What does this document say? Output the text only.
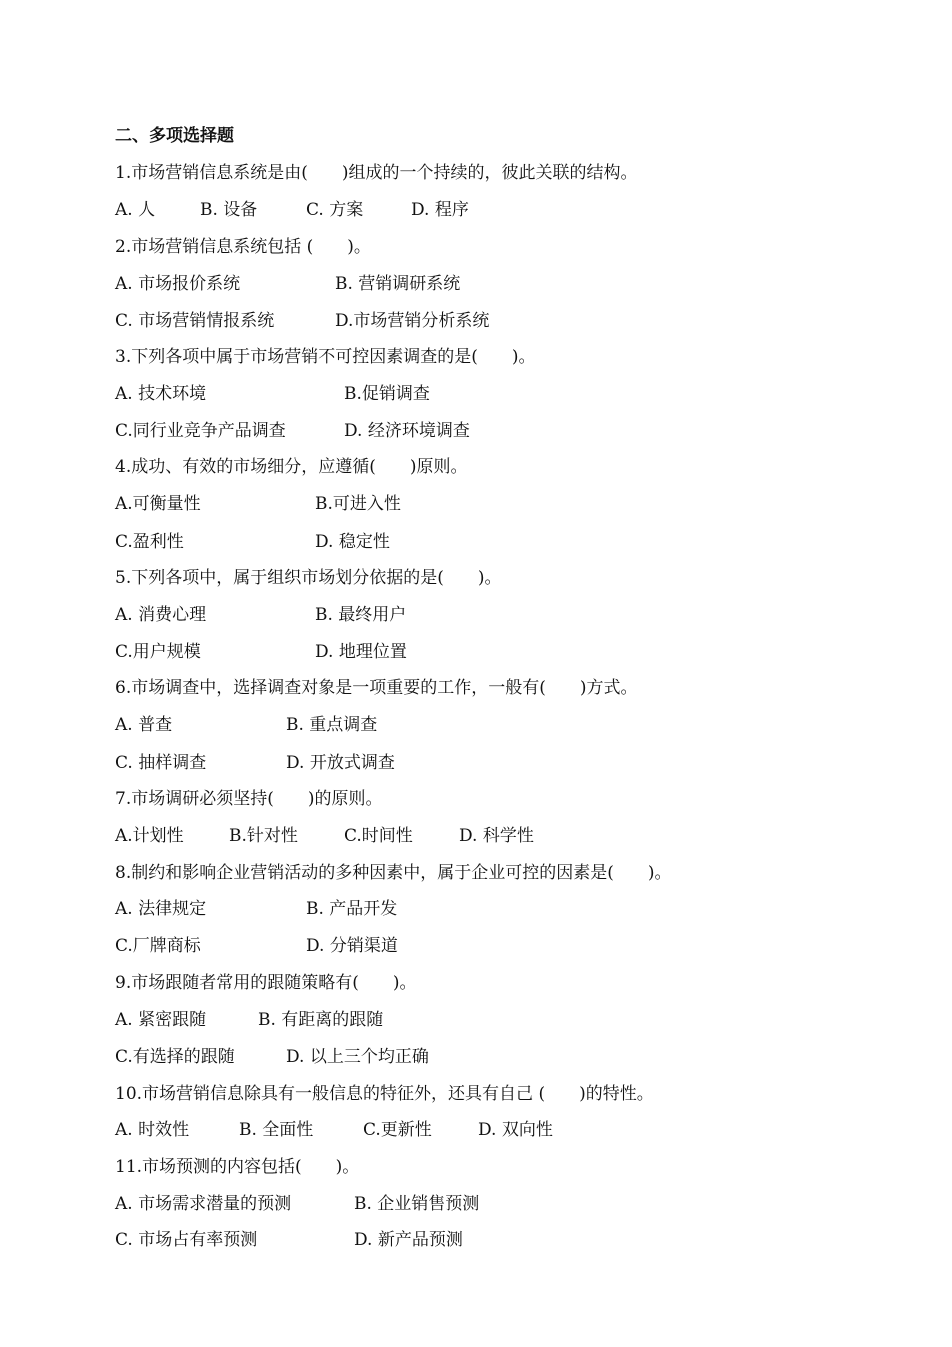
二、多项选择题
1.市场营销信息系统是由(　　)组成的一个持续的，彼此关联的结构。
A. 人	B. 设备	C. 方案	D. 程序
2.市场营销信息系统包括 (　　)。
A. 市场报价系统	B. 营销调研系统
C. 市场营销情报系统	D.市场营销分析系统
3.下列各项中属于市场营销不可控因素调查的是(　　)。
A. 技术环境	B.促销调查
C.同行业竞争产品调查	D. 经济环境调查
4.成功、有效的市场细分，应遵循(　　)原则。
A.可衡量性	B.可进入性
C.盈利性	D. 稳定性
5.下列各项中，属于组织市场划分依据的是(　　)。
A. 消费心理	B. 最终用户
C.用户规模	D. 地理位置
6.市场调查中，选择调查对象是一项重要的工作，一般有(　　)方式。
A. 普查	B. 重点调查
C. 抽样调查	D. 开放式调查
7.市场调研必须坚持(　　)的原则。
A.计划性	B.针对性	C.时间性	D. 科学性
8.制约和影响企业营销活动的多种因素中，属于企业可控的因素是(　　)。
A. 法律规定	B. 产品开发
C.厂牌商标	D. 分销渠道
9.市场跟随者常用的跟随策略有(　　)。
A. 紧密跟随	B. 有距离的跟随
C.有选择的跟随	D. 以上三个均正确
10.市场营销信息除具有一般信息的特征外，还具有自己 (　　)的特性。
A. 时效性	B. 全面性	C.更新性	D. 双向性
11.市场预测的内容包括(　　)。
A. 市场需求潜量的预测	B. 企业销售预测
C. 市场占有率预测	D. 新产品预测
